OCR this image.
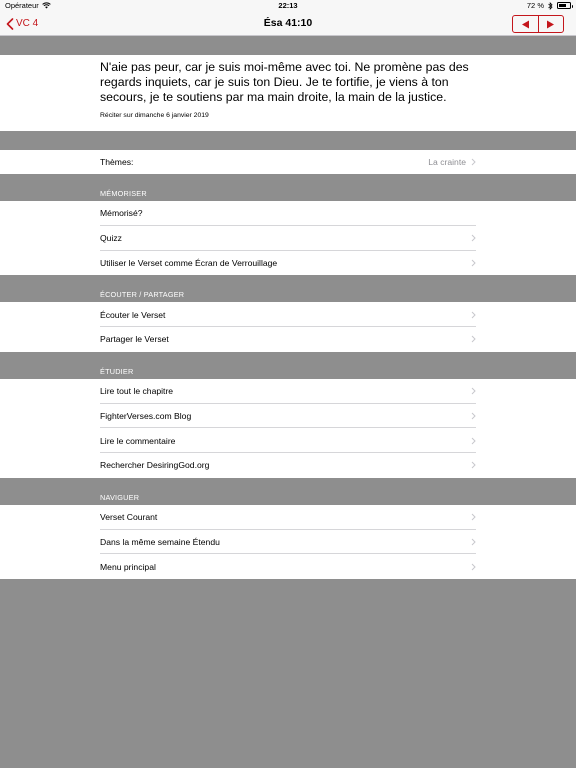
Opérateur	22:13	72 %
VC 4	Ésa 41:10
N'aie pas peur, car je suis moi-même avec toi. Ne promène pas des regards inquiets, car je suis ton Dieu. Je te fortifie, je viens à ton secours, je te soutiens par ma main droite, la main de la justice.
Réciter sur dimanche 6 janvier 2019
Thèmes:	La crainte
MÉMORISER
Mémorisé?
Quizz
Utiliser le Verset comme Écran de Verrouillage
ÉCOUTER / PARTAGER
Écouter le Verset
Partager le Verset
ÉTUDIER
Lire tout le chapitre
FighterVerses.com Blog
Lire le commentaire
Rechercher DesiringGod.org
NAVIGUER
Verset Courant
Dans la même semaine Étendu
Menu principal
